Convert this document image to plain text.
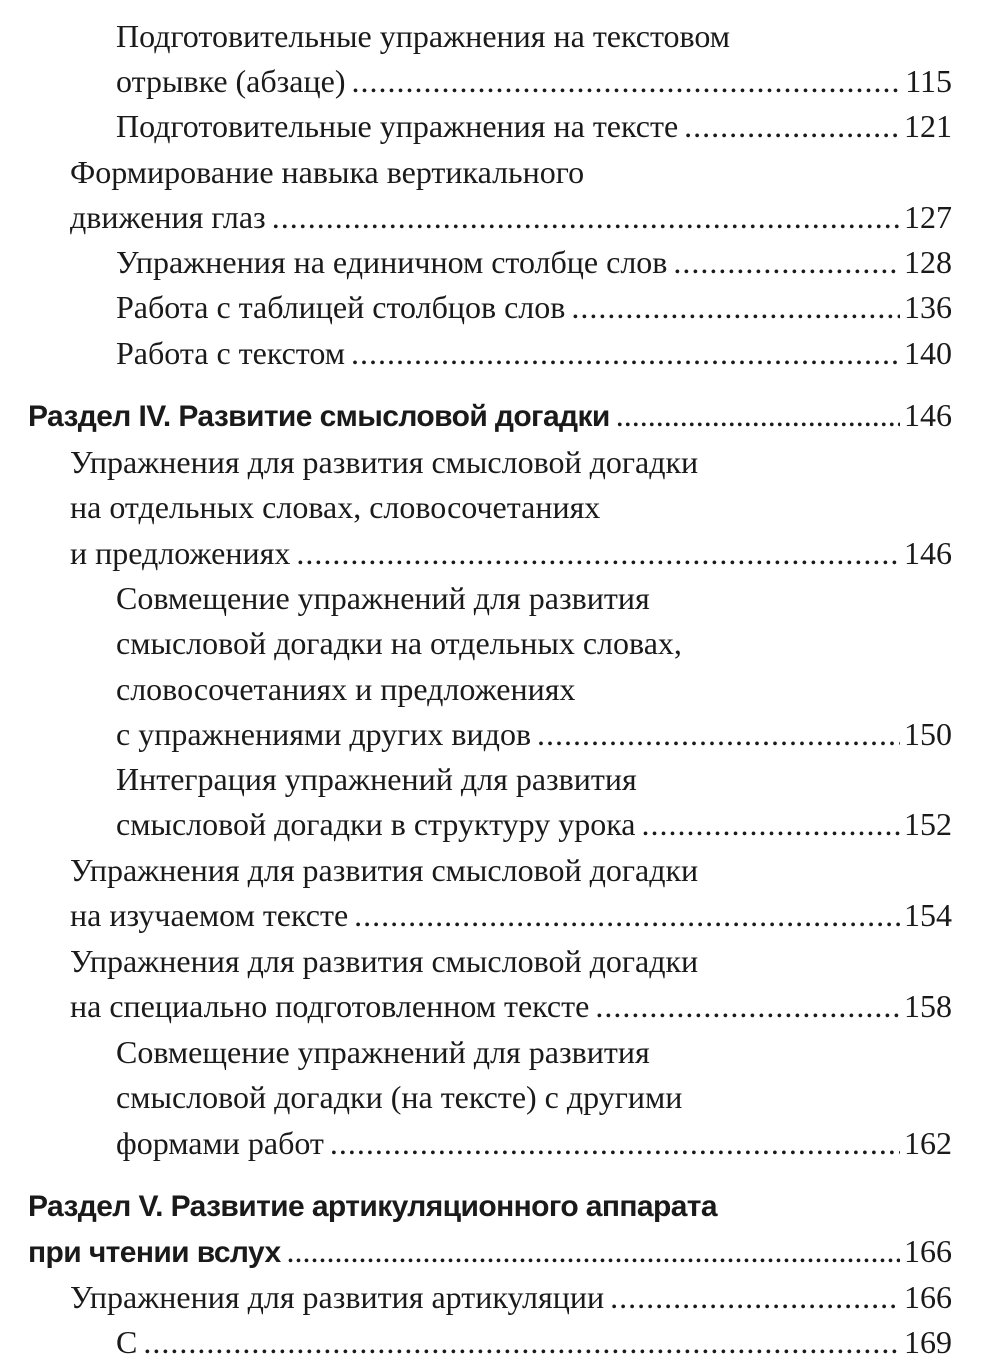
Подготовительные упражнения на текстовом
отрывке (абзаце) .....	115
Подготовительные упражнения на тексте .....	121
Формирование навыка вертикального
движения глаз .....	127
Упражнения на единичном столбце слов .....	128
Работа с таблицей столбцов слов .....	136
Работа с текстом .....	140
Раздел IV. Развитие смысловой догадки .....	146
Упражнения для развития смысловой догадки
на отдельных словах, словосочетаниях
и предложениях .....	146
Совмещение упражнений для развития
смысловой догадки на отдельных словах,
словосочетаниях и предложениях
с упражнениями других видов .....	150
Интеграция упражнений для развития
смысловой догадки в структуру урока .....	152
Упражнения для развития смысловой догадки
на изучаемом тексте .....	154
Упражнения для развития смысловой догадки
на специально подготовленном тексте .....	158
Совмещение упражнений для развития
смысловой догадки (на тексте) с другими
формами работ .....	162
Раздел V. Развитие артикуляционного аппарата
при чтении вслух .....	166
Упражнения для развития артикуляции .....	166
С .....	169
